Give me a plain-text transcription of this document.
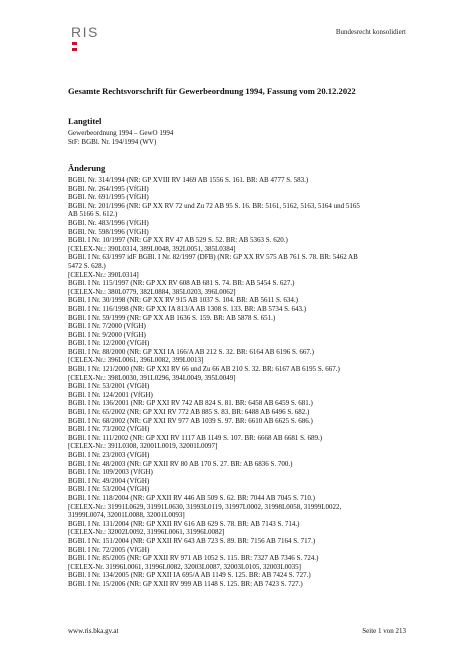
RIS	Bundesrecht konsolidiert
Gesamte Rechtsvorschrift für Gewerbeordnung 1994, Fassung vom 20.12.2022
Langtitel
Gewerbeordnung 1994 – GewO 1994
StF: BGBl. Nr. 194/1994 (WV)
Änderung
BGBl. Nr. 314/1994 (NR: GP XVIII RV 1469 AB 1556 S. 161. BR: AB 4777 S. 583.)
BGBl. Nr. 264/1995 (VfGH)
BGBl. Nr. 691/1995 (VfGH)
BGBl. Nr. 201/1996 (NR: GP XX RV 72 und Zu 72 AB 95 S. 16. BR: 5161, 5162, 5163, 5164 und 5165
AB 5166 S. 612.)
BGBl. Nr. 483/1996 (VfGH)
BGBl. Nr. 598/1996 (VfGH)
BGBl. I Nr. 10/1997 (NR: GP XX RV 47 AB 529 S. 52. BR: AB 5363 S. 620.)
[CELEX-Nr.: 390L0314, 389L0048, 392L0051, 385L0384]
BGBl. I Nr. 63/1997 idF BGBl. I Nr. 82/1997 (DFB) (NR: GP XX RV 575 AB 761 S. 78. BR: 5462 AB
5472 S. 628.)
[CELEX-Nr.: 390L0314]
BGBl. I Nr. 115/1997 (NR: GP XX RV 608 AB 681 S. 74. BR: AB 5454 S. 627.)
[CELEX-Nr.: 380L0779, 382L0884, 385L0203, 396L0062]
BGBl. I Nr. 30/1998 (NR: GP XX RV 915 AB 1037 S. 104. BR: AB 5611 S. 634.)
BGBl. I Nr. 116/1998 (NR: GP XX IA 813/A AB 1308 S. 133. BR: AB 5734 S. 643.)
BGBl. I Nr. 59/1999 (NR: GP XX AB 1636 S. 159. BR: AB 5878 S. 651.)
BGBl. I Nr. 7/2000 (VfGH)
BGBl. I Nr. 9/2000 (VfGH)
BGBl. I Nr. 12/2000 (VfGH)
BGBl. I Nr. 88/2000 (NR: GP XXI IA 166/A AB 212 S. 32. BR: 6164 AB 6196 S. 667.)
[CELEX-Nr.: 396L0061, 396L0082, 399L0013]
BGBl. I Nr. 121/2000 (NR: GP XXI RV 66 und Zu 66 AB 210 S. 32. BR: 6167 AB 6195 S. 667.)
[CELEX-Nr.: 398L0030, 391L0296, 394L0049, 395L0049]
BGBl. I Nr. 53/2001 (VfGH)
BGBl. I Nr. 124/2001 (VfGH)
BGBl. I Nr. 136/2001 (NR: GP XXI RV 742 AB 824 S. 81. BR: 6458 AB 6459 S. 681.)
BGBl. I Nr. 65/2002 (NR: GP XXI RV 772 AB 885 S. 83. BR: 6488 AB 6496 S. 682.)
BGBl. I Nr. 68/2002 (NR: GP XXI RV 977 AB 1039 S. 97. BR: 6610 AB 6625 S. 686.)
BGBl. I Nr. 73/2002 (VfGH)
BGBl. I Nr. 111/2002 (NR: GP XXI RV 1117 AB 1149 S. 107. BR: 6668 AB 6681 S. 689.)
[CELEX-Nr.: 391L0308, 32001L0019, 32001L0097]
BGBl. I Nr. 23/2003 (VfGH)
BGBl. I Nr. 48/2003 (NR: GP XXII RV 80 AB 170 S. 27. BR: AB 6836 S. 700.)
BGBl. I Nr. 109/2003 (VfGH)
BGBl. I Nr. 49/2004 (VfGH)
BGBl. I Nr. 53/2004 (VfGH)
BGBl. I Nr. 118/2004 (NR: GP XXII RV 446 AB 509 S. 62. BR: 7044 AB 7045 S. 710.)
[CELEX-Nr.: 31991L0629, 31991L0630, 31993L0119, 31997L0002, 31998L0058, 31999L0022,
31999L0074, 32001L0088, 32001L0093]
BGBl. I Nr. 131/2004 (NR: GP XXII RV 616 AB 629 S. 78. BR: AB 7143 S. 714.)
[CELEX-Nr.: 32002L0092, 31996L0061, 31996L0082]
BGBl. I Nr. 151/2004 (NR: GP XXII RV 643 AB 723 S. 89. BR: 7156 AB 7164 S. 717.)
BGBl. I Nr. 72/2005 (VfGH)
BGBl. I Nr. 85/2005 (NR: GP XXII RV 971 AB 1052 S. 115. BR: 7327 AB 7346 S. 724.)
[CELEX-Nr. 31996L0061, 31996L0082, 32003L0087, 32003L0105, 32003L0035]
BGBl. I Nr. 134/2005 (NR: GP XXII IA 695/A AB 1149 S. 125. BR: AB 7424 S. 727.)
BGBl. I Nr. 15/2006 (NR: GP XXII RV 999 AB 1148 S. 125. BR: AB 7423 S. 727.)
www.ris.bka.gv.at	Seite 1 von 213
